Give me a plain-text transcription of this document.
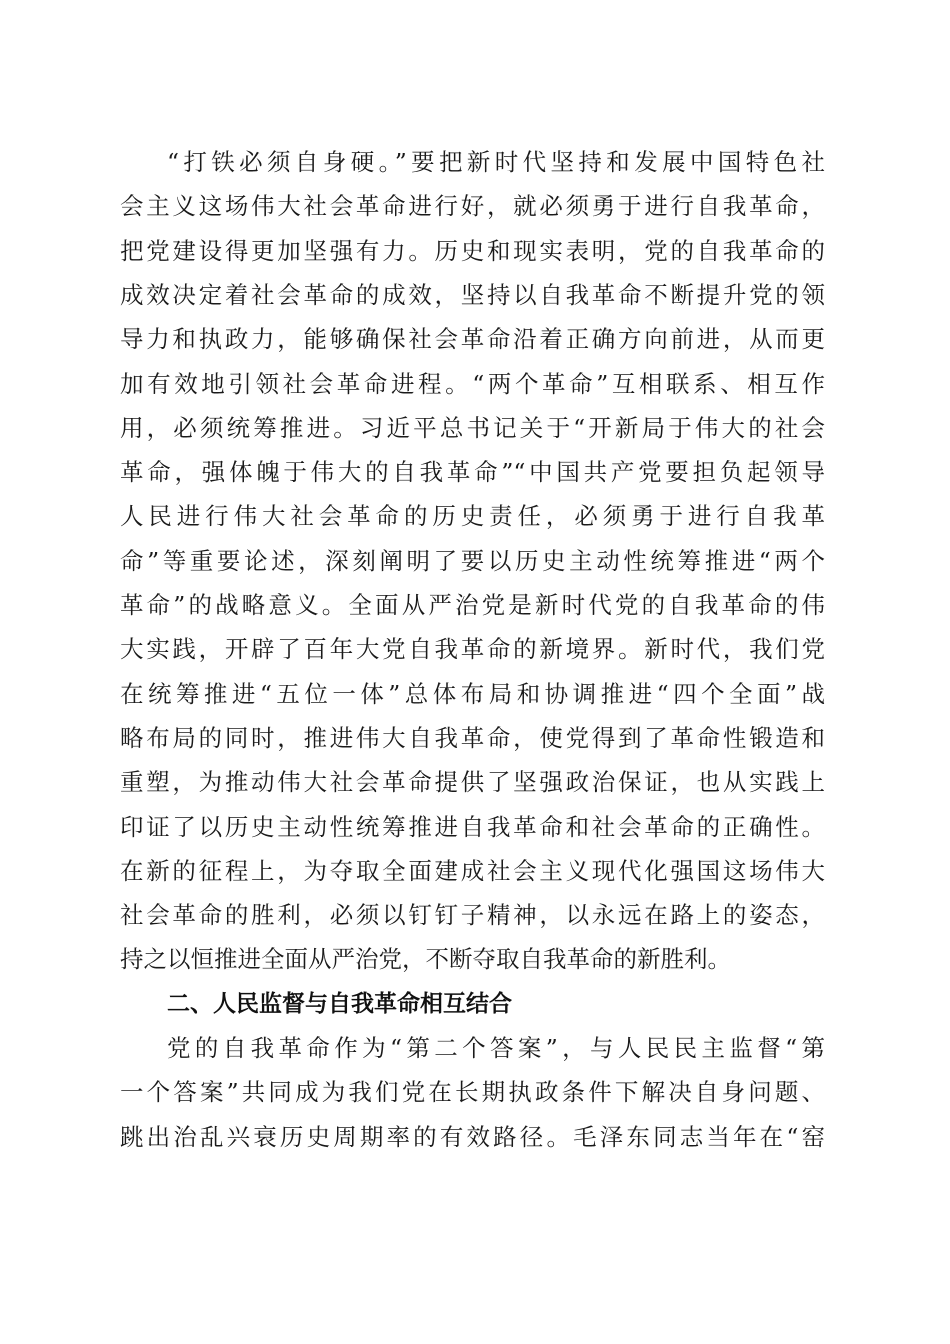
“打铁必须自身硬。”要把新时代坚持和发展中国特色社
会主义这场伟大社会革命进行好，就必须勇于进行自我革命，
把党建设得更加坚强有力。历史和现实表明，党的自我革命的
成效决定着社会革命的成效，坚持以自我革命不断提升党的领
导力和执政力，能够确保社会革命沿着正确方向前进，从而更
加有效地引领社会革命进程。“两个革命”互相联系、相互作
用，必须统筹推进。习近平总书记关于“开新局于伟大的社会
革命，强体魄于伟大的自我革命”“中国共产党要担负起领导
人民进行伟大社会革命的历史责任，必须勇于进行自我革
命”等重要论述，深刻阐明了要以历史主动性统筹推进“两个
革命”的战略意义。全面从严治党是新时代党的自我革命的伟
大实践，开辟了百年大党自我革命的新境界。新时代，我们党
在统筹推进“五位一体”总体布局和协调推进“四个全面”战
略布局的同时，推进伟大自我革命，使党得到了革命性锻造和
重塑，为推动伟大社会革命提供了坚强政治保证，也从实践上
印证了以历史主动性统筹推进自我革命和社会革命的正确性。
在新的征程上，为夺取全面建成社会主义现代化强国这场伟大
社会革命的胜利，必须以钉钉子精神，以永远在路上的姿态，
持之以恒推进全面从严治党，不断夺取自我革命的新胜利。
二、人民监督与自我革命相互结合
党的自我革命作为“第二个答案”，与人民民主监督“第
一个答案”共同成为我们党在长期执政条件下解决自身问题、
跳出治乱兴衰历史周期率的有效路径。毛泽东同志当年在“窑
